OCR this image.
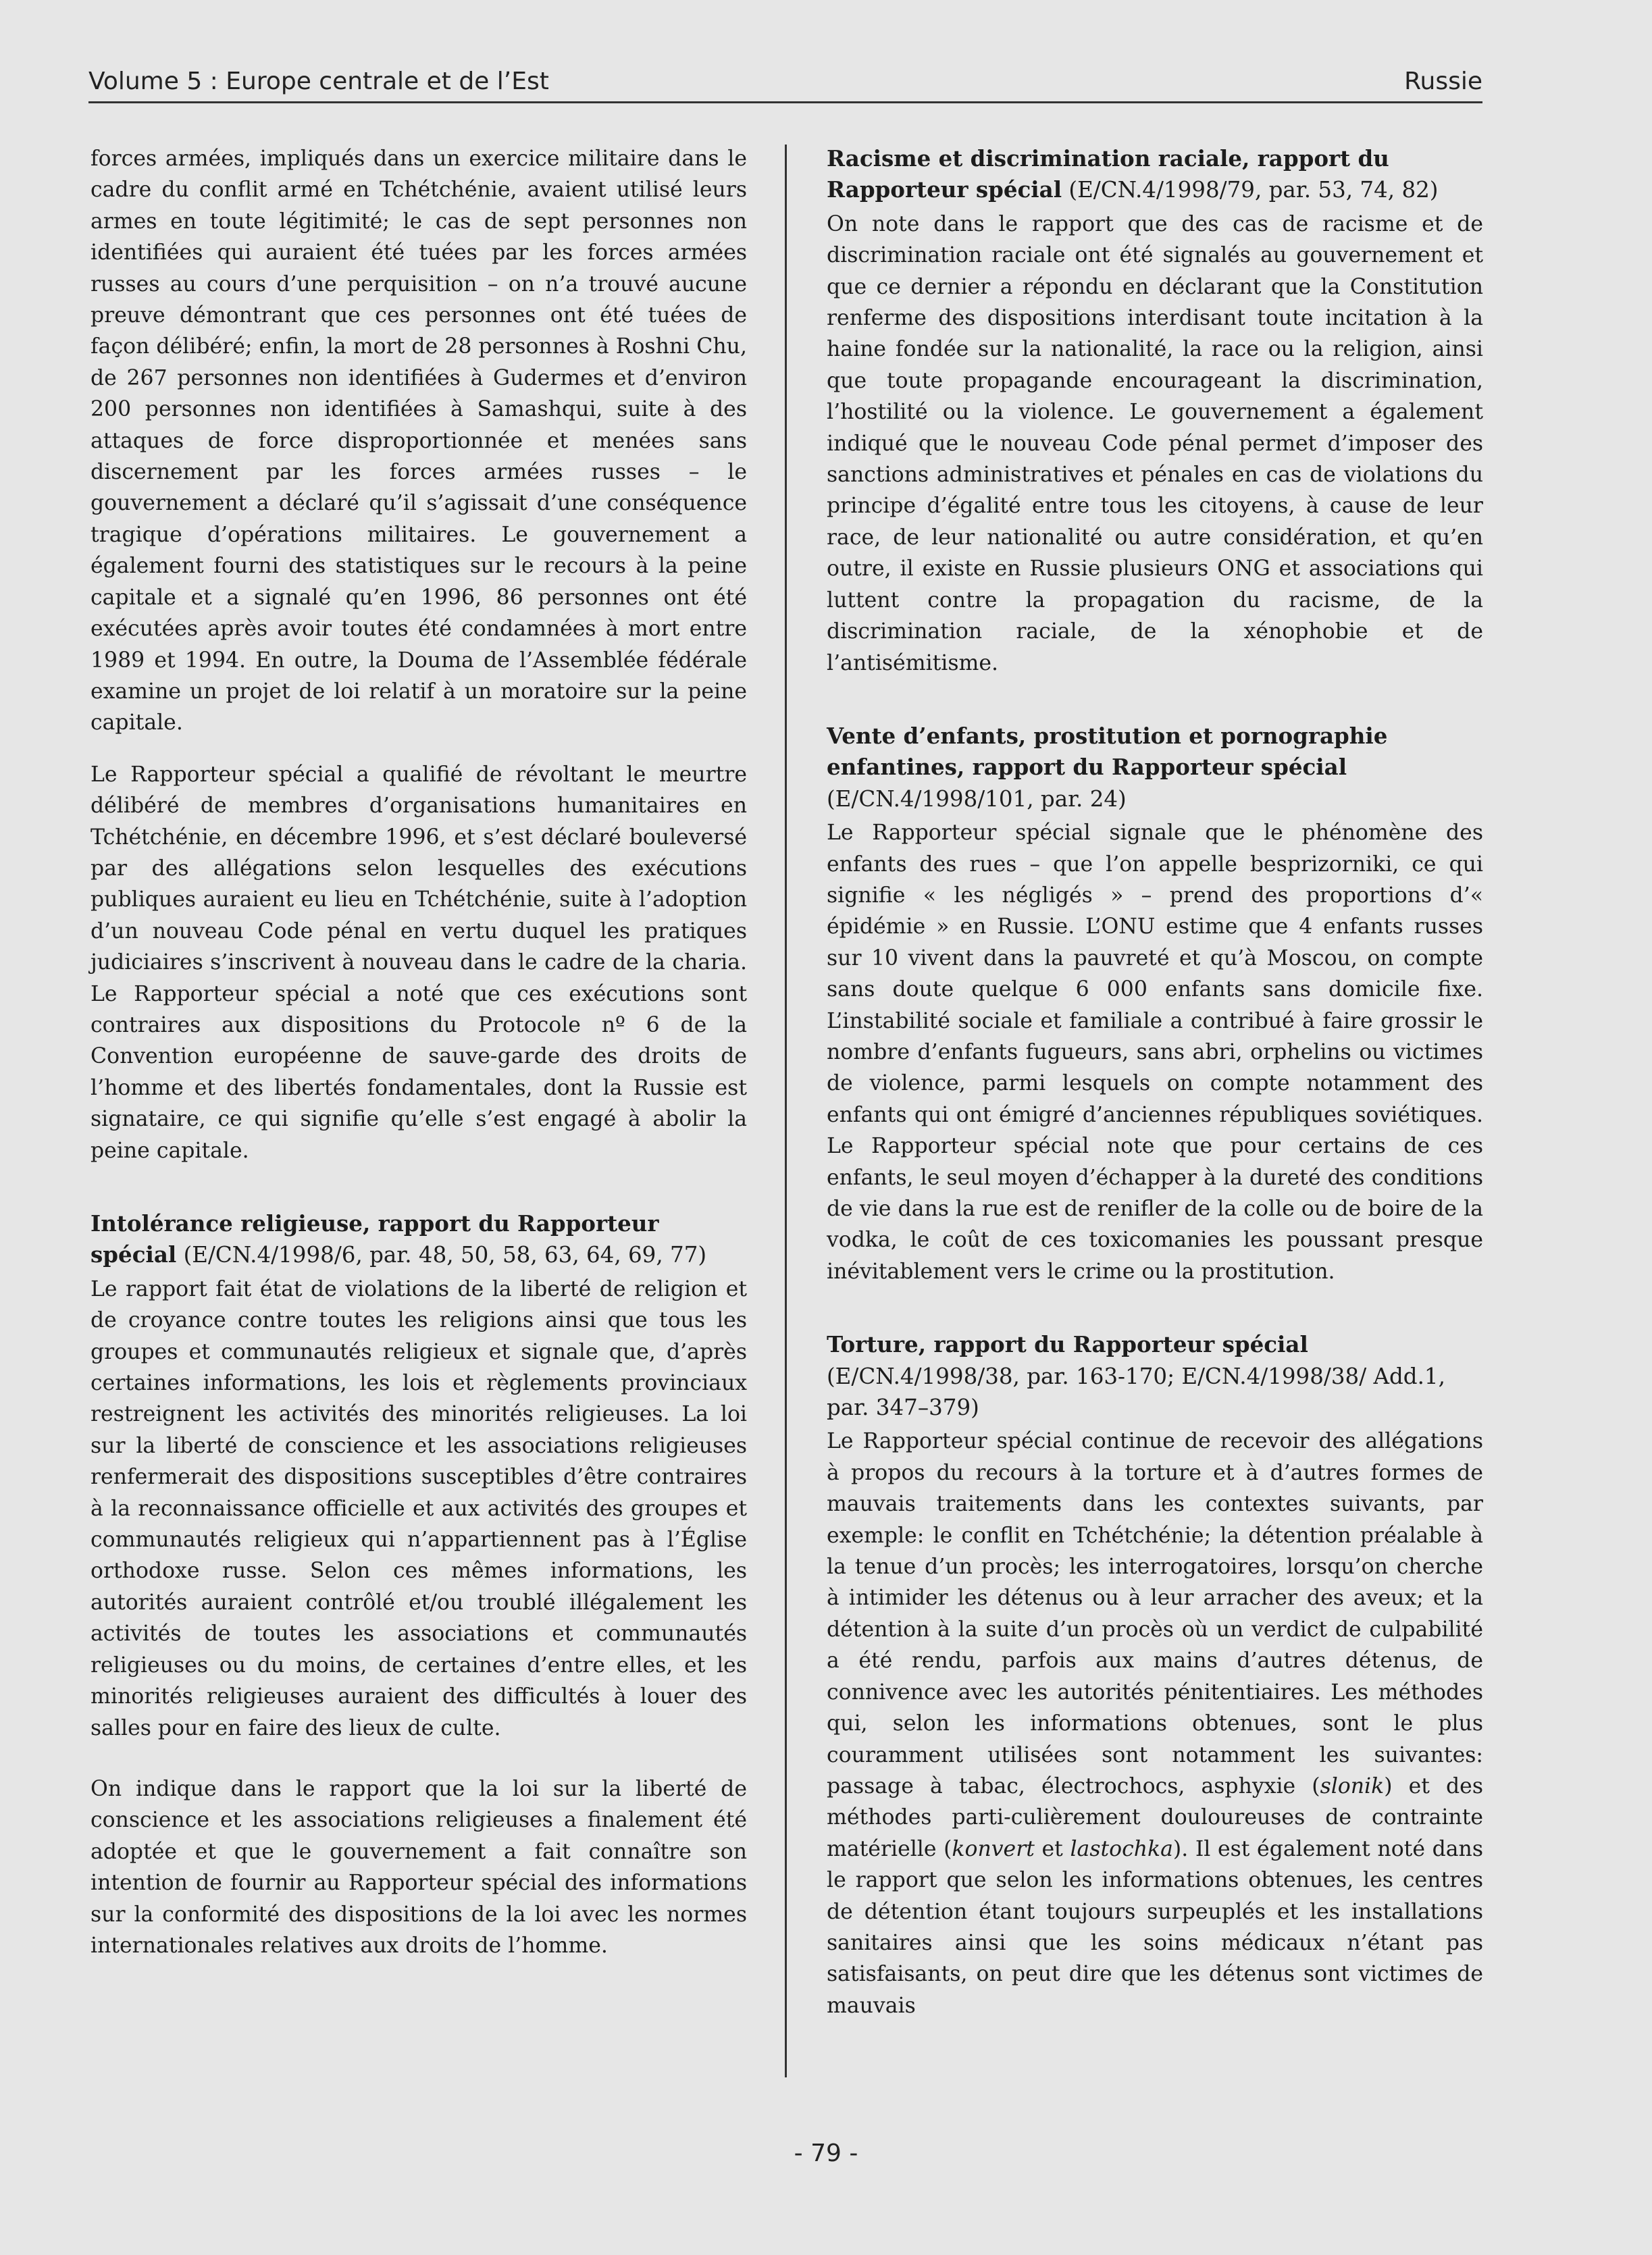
Volume 5 : Europe centrale et de l’Est	Russie

forces armées, impliqués dans un exercice militaire dans le cadre du conflit armé en Tchétchénie, avaient utilisé leurs armes en toute légitimité; le cas de sept personnes non identifiées qui auraient été tuées par les forces armées russes au cours d’une perquisition – on n’a trouvé aucune preuve démontrant que ces personnes ont été tuées de façon délibéré; enfin, la mort de 28 personnes à Roshni Chu, de 267 personnes non identifiées à Gudermes et d’environ 200 personnes non identifiées à Samashqui, suite à des attaques de force disproportionnée et menées sans discernement par les forces armées russes – le gouvernement a déclaré qu’il s’agissait d’une conséquence tragique d’opérations militaires. Le gouvernement a également fourni des statistiques sur le recours à la peine capitale et a signalé qu’en 1996, 86 personnes ont été exécutées après avoir toutes été condamnées à mort entre 1989 et 1994. En outre, la Douma de l’Assemblée fédérale examine un projet de loi relatif à un moratoire sur la peine capitale.

Le Rapporteur spécial a qualifié de révoltant le meurtre délibéré de membres d’organisations humanitaires en Tchétchénie, en décembre 1996, et s’est déclaré bouleversé par des allégations selon lesquelles des exécutions publiques auraient eu lieu en Tchétchénie, suite à l’adoption d’un nouveau Code pénal en vertu duquel les pratiques judiciaires s’inscrivent à nouveau dans le cadre de la charia. Le Rapporteur spécial a noté que ces exécutions sont contraires aux dispositions du Protocole nº 6 de la Convention européenne de sauve-garde des droits de l’homme et des libertés fondamentales, dont la Russie est signataire, ce qui signifie qu’elle s’est engagé à abolir la peine capitale.

Intolérance religieuse, rapport du Rapporteur spécial (E/CN.4/1998/6, par. 48, 50, 58, 63, 64, 69, 77)

Le rapport fait état de violations de la liberté de religion et de croyance contre toutes les religions ainsi que tous les groupes et communautés religieux et signale que, d’après certaines informations, les lois et règlements provinciaux restreignent les activités des minorités religieuses. La loi sur la liberté de conscience et les associations religieuses renfermerait des dispositions susceptibles d’être contraires à la reconnaissance officielle et aux activités des groupes et communautés religieux qui n’appartiennent pas à l’Église orthodoxe russe. Selon ces mêmes informations, les autorités auraient contrôlé et/ou troublé illégalement les activités de toutes les associations et communautés religieuses ou du moins, de certaines d’entre elles, et les minorités religieuses auraient des difficultés à louer des salles pour en faire des lieux de culte.

On indique dans le rapport que la loi sur la liberté de conscience et les associations religieuses a finalement été adoptée et que le gouvernement a fait connaître son intention de fournir au Rapporteur spécial des informations sur la conformité des dispositions de la loi avec les normes internationales relatives aux droits de l’homme.

Racisme et discrimination raciale, rapport du Rapporteur spécial (E/CN.4/1998/79, par. 53, 74, 82)

On note dans le rapport que des cas de racisme et de discrimination raciale ont été signalés au gouvernement et que ce dernier a répondu en déclarant que la Constitution renferme des dispositions interdisant toute incitation à la haine fondée sur la nationalité, la race ou la religion, ainsi que toute propagande encourageant la discrimination, l’hostilité ou la violence. Le gouvernement a également indiqué que le nouveau Code pénal permet d’imposer des sanctions administratives et pénales en cas de violations du principe d’égalité entre tous les citoyens, à cause de leur race, de leur nationalité ou autre considération, et qu’en outre, il existe en Russie plusieurs ONG et associations qui luttent contre la propagation du racisme, de la discrimination raciale, de la xénophobie et de l’antisémitisme.

Vente d’enfants, prostitution et pornographie enfantines, rapport du Rapporteur spécial (E/CN.4/1998/101, par. 24)

Le Rapporteur spécial signale que le phénomène des enfants des rues – que l’on appelle besprizorniki, ce qui signifie « les négligés » – prend des proportions d’« épidémie » en Russie. L’ONU estime que 4 enfants russes sur 10 vivent dans la pauvreté et qu’à Moscou, on compte sans doute quelque 6 000 enfants sans domicile fixe. L’instabilité sociale et familiale a contribué à faire grossir le nombre d’enfants fugueurs, sans abri, orphelins ou victimes de violence, parmi lesquels on compte notamment des enfants qui ont émigré d’anciennes républiques soviétiques. Le Rapporteur spécial note que pour certains de ces enfants, le seul moyen d’échapper à la dureté des conditions de vie dans la rue est de renifler de la colle ou de boire de la vodka, le coût de ces toxicomanies les poussant presque inévitablement vers le crime ou la prostitution.

Torture, rapport du Rapporteur spécial (E/CN.4/1998/38, par. 163-170; E/CN.4/1998/38/ Add.1, par. 347–379)

Le Rapporteur spécial continue de recevoir des allégations à propos du recours à la torture et à d’autres formes de mauvais traitements dans les contextes suivants, par exemple: le conflit en Tchétchénie; la détention préalable à la tenue d’un procès; les interrogatoires, lorsqu’on cherche à intimider les détenus ou à leur arracher des aveux; et la détention à la suite d’un procès où un verdict de culpabilité a été rendu, parfois aux mains d’autres détenus, de connivence avec les autorités pénitentiaires. Les méthodes qui, selon les informations obtenues, sont le plus couramment utilisées sont notamment les suivantes: passage à tabac, électrochocs, asphyxie (slonik) et des méthodes parti-culièrement douloureuses de contrainte matérielle (konvert et lastochka). Il est également noté dans le rapport que selon les informations obtenues, les centres de détention étant toujours surpeuplés et les installations sanitaires ainsi que les soins médicaux n’étant pas satisfaisants, on peut dire que les détenus sont victimes de mauvais

- 79 -
